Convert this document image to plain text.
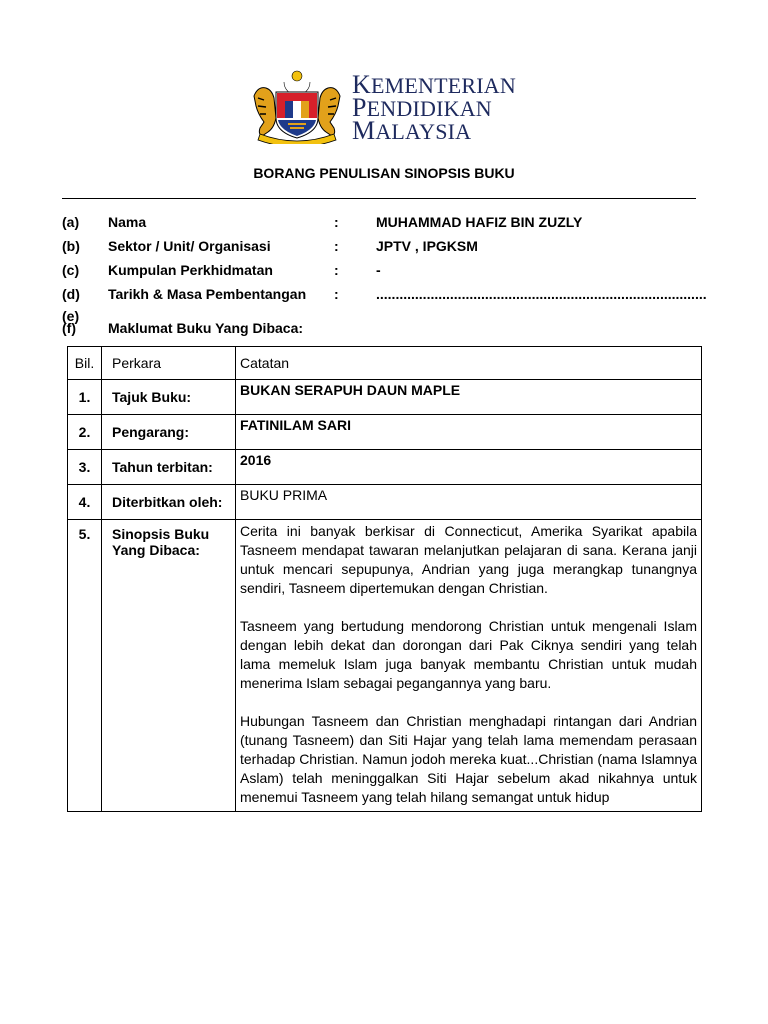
KEMENTERIAN
PENDIDIKAN
MALAYSIA
BORANG PENULISAN SINOPSIS BUKU
(a) Nama	:	MUHAMMAD HAFIZ BIN ZUZLY
(b) Sektor / Unit/ Organisasi	:	JPTV , IPGKSM
(c) Kumpulan Perkhidmatan	:	-
(d) Tarikh & Masa Pembentangan :	.....................................................................................
(e)
(f) Maklumat Buku Yang Dibaca:
Bil.	Perkara	Catatan
1.	Tajuk Buku:	BUKAN SERAPUH DAUN MAPLE
2.	Pengarang:	FATINILAM SARI
3.	Tahun terbitan:	2016
4.	Diterbitkan oleh:	BUKU PRIMA
5.	Sinopsis Buku Yang Dibaca:	Cerita ini banyak berkisar di Connecticut, Amerika Syarikat apabila Tasneem mendapat tawaran melanjutkan pelajaran di sana. Kerana janji untuk mencari sepupunya, Andrian yang juga merangkap tunangnya sendiri, Tasneem dipertemukan dengan Christian.

Tasneem yang bertudung mendorong Christian untuk mengenali Islam dengan lebih dekat dan dorongan dari Pak Ciknya sendiri yang telah lama memeluk Islam juga banyak membantu Christian untuk mudah menerima Islam sebagai pegangannya yang baru.

Hubungan Tasneem dan Christian menghadapi rintangan dari Andrian (tunang Tasneem) dan Siti Hajar yang telah lama memendam perasaan terhadap Christian. Namun jodoh mereka kuat...Christian (nama Islamnya Aslam) telah meninggalkan Siti Hajar sebelum akad nikahnya untuk menemui Tasneem yang telah hilang semangat untuk hidup
